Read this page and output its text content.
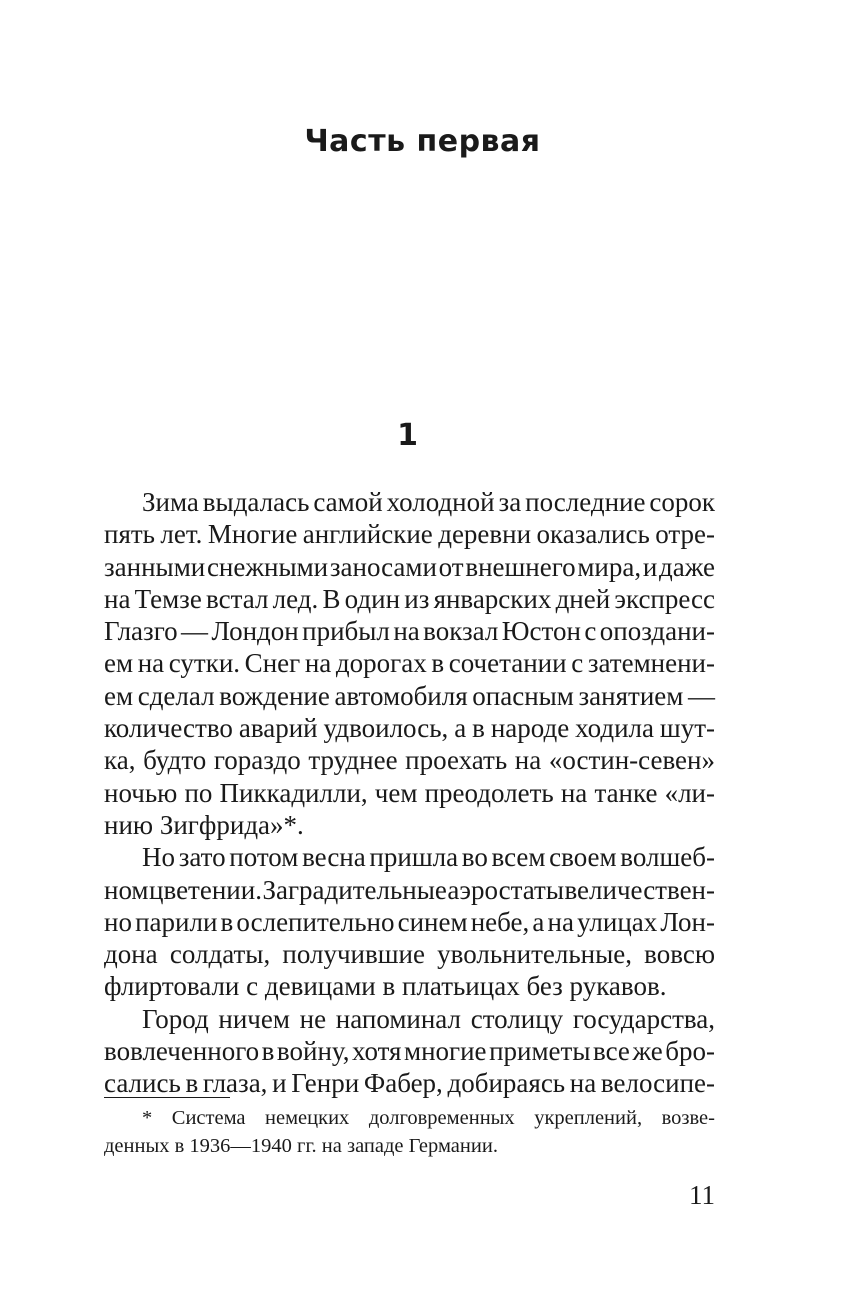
Часть первая
1
Зима выдалась самой холодной за последние сорок
пять лет. Многие английские деревни оказались отре-
занными снежными заносами от внешнего мира, и даже
на Темзе встал лед. В один из январских дней экспресс
Глазго — Лондон прибыл на вокзал Юстон с опоздани-
ем на сутки. Снег на дорогах в сочетании с затемнени-
ем сделал вождение автомобиля опасным занятием —
количество аварий удвоилось, а в народе ходила шут-
ка, будто гораздо труднее проехать на «остин-севен»
ночью по Пиккадилли, чем преодолеть на танке «ли-
нию Зигфрида»*.
Но зато потом весна пришла во всем своем волшеб-
ном цветении. Заградительные аэростаты величествен-
но парили в ослепительно синем небе, а на улицах Лон-
дона солдаты, получившие увольнительные, вовсю
флиртовали с девицами в платьицах без рукавов.
Город ничем не напоминал столицу государства,
вовлеченного в войну, хотя многие приметы все же бро-
сались в глаза, и Генри Фабер, добираясь на велосипе-
* Система немецких долговременных укреплений, возве-
денных в 1936—1940 гг. на западе Германии.
11
